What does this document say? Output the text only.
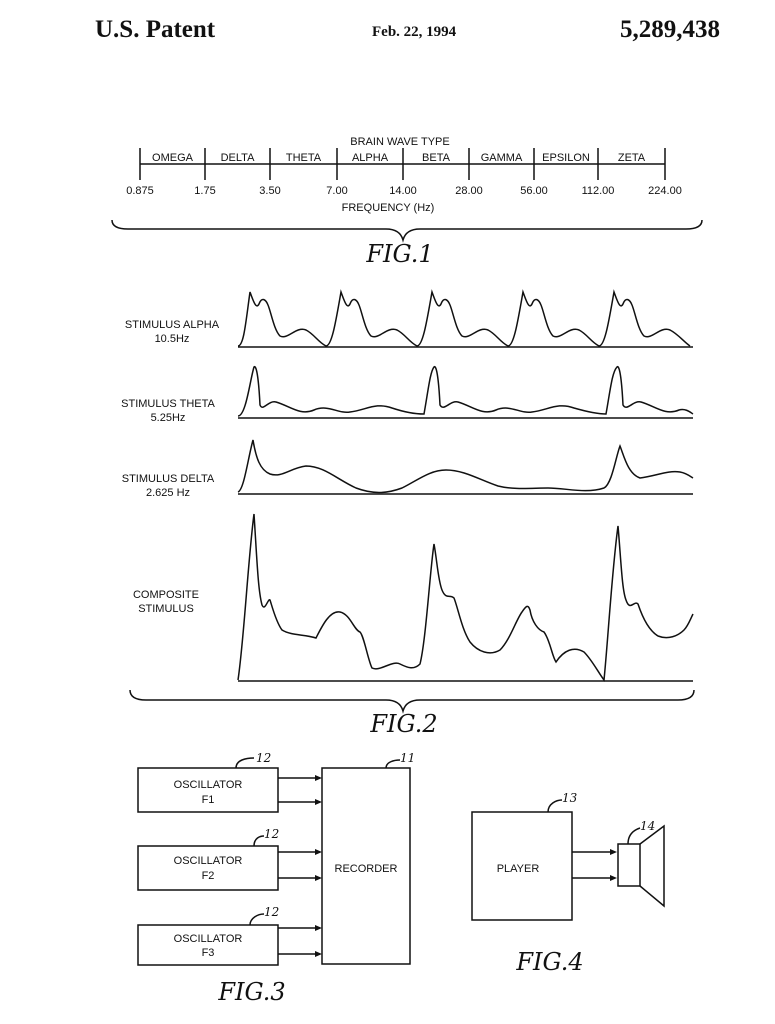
U.S. Patent	Feb. 22, 1994	5,289,438
BRAIN WAVE TYPE
OMEGA	DELTA	THETA	ALPHA	BETA	GAMMA EPSILON	ZETA
0.875	1.75	3.50	7.00	14.00	28.00	56.00	112.00	224.00
FREQUENCY (Hz)
FIG.1
STIMULUS ALPHA
10.5Hz
STIMULUS THETA
5.25Hz
STIMULUS DELTA
2.625 Hz
COMPOSITE
STIMULUS
FIG.2
OSCILLATOR
F1
OSCILLATOR
F2
OSCILLATOR
F3
RECORDER
12
12
12
11
FIG.3
PLAYER
13
14
FIG.4
